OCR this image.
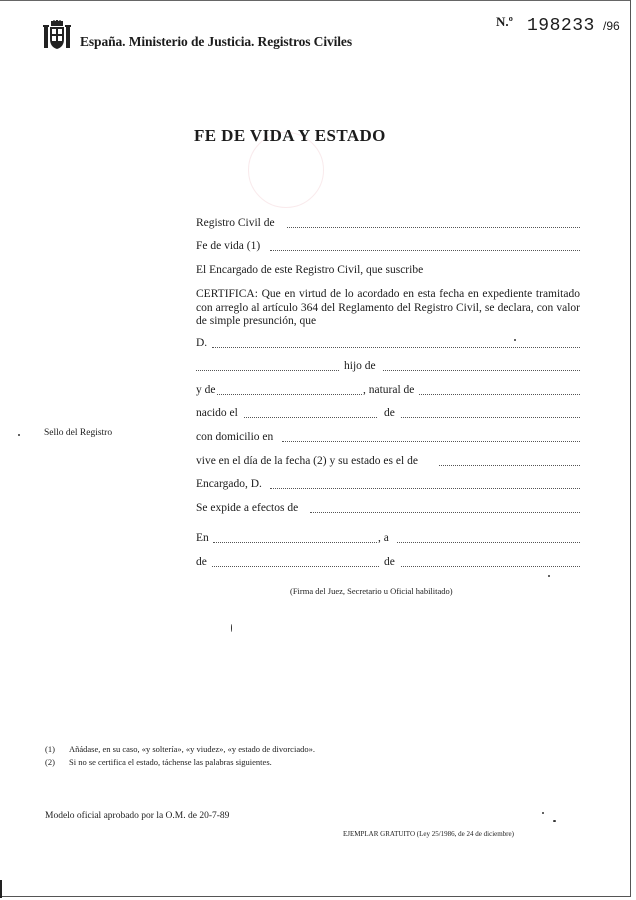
España. Ministerio de Justicia. Registros Civiles
N.º 198233 /96
FE DE VIDA Y ESTADO
Registro Civil de
Fe de vida (1)
El Encargado de este Registro Civil, que suscribe
CERTIFICA: Que en virtud de lo acordado en esta fecha en expediente tramitado con arreglo al artículo 364 del Reglamento del Registro Civil, se declara, con valor de simple presunción, que
D.
hijo de
y de	, natural de
nacido el	de
Sello del Registro	con domicilio en
vive en el día de la fecha (2) y su estado es el de
Encargado, D.
Se expide a efectos de
En	, a
de	de
(Firma del Juez, Secretario u Oficial habilitado)
(1) Añádase, en su caso, «y soltería», «y viudez», «y estado de divorciado».
(2) Si no se certifica el estado, táchense las palabras siguientes.
Modelo oficial aprobado por la O.M. de 20-7-89
EJEMPLAR GRATUITO (Ley 25/1986, de 24 de diciembre)
